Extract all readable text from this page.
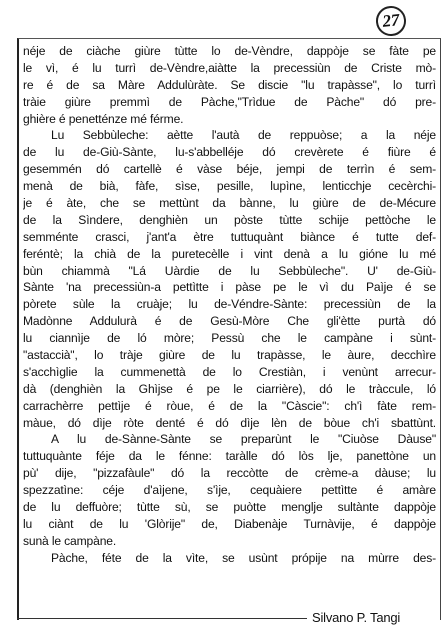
27
néje de ciàche giùre tùtte lo de-Vèndre, dappòje se fàte pe
le vì, é lu turrì de-Vèndre,aiàtte la precessiùn de Criste mò-
re é de sa Màre Addulùràte. Se discie "lu trapàsse", lo turrì
tràie giùre premmì de Pàche,"Trìdue de Pàche" dó pre-
ghière é penetténze mé férme.
Lu Sebbùleche: aètte l'autà de reppuòse; a la néje
de lu de-Giù-Sànte, lu-s'abbelléje dó crevèrete é fiùre é
gesemmén dó cartellè é vàse béje, jempi de terrìn é sem-
menà de bià, fàfe, sìse, pesille, lupìne, lenticchje cecèrchi-
je é àte, che se mettùnt da bànne, lu giùre de de-Mécure
de la Sìndere, denghièn un pòste tùtte schije pettòche le
semménte crasci, j'ant'a ètre tuttuquànt biànce é tutte def-
feréntè; la chià de la puretecèlle i vint denà a lu gióne lu mé
bùn chiammà "Lá Uàrdie de lu Sebbùleche". U' de-Giù-
Sànte 'na precessiùn-a pettìtte i pàse pe le vì du Paìje é se
pòrete sùle la cruàje; lu de-Véndre-Sànte: precessiùn de la
Madònne Addulurà é de Gesù-Mòre Che gli'ètte purtà dó
lu ciannìje de ló mòre; Pessù che le campàne i sùnt-
"astaccià", lo tràje giùre de lu trapàsse, le àure, decchìre
s'acchìglie la cummenettà de lo Crestiàn, i venùnt arrecur-
dà (denghièn la Ghìjse é pe le ciarrière), dó le tràccule, ló
carrachèrre pettìje é ròue, é de la "Càscie": ch'ì fàte rem-
màue, dó dìje ròte denté é dó dìje lèn de bòue ch'i sbattùnt.
A lu de-Sànne-Sànte se preparùnt le "Ciuòse Dàuse"
tuttuquànte féje da le fénne: taràlle dó lòs lje, panettòne un
pù' dije, "pizzafàule" dó la reccòtte de crème-a dàuse; lu
spezzatìne: céje d'aìjene, s'ìje, cequàiere pettìtte é amàre
de lu deffuòre; tùtte sù, se puòtte menglje sultànte dappòje
lu ciànt de lu 'Glòrije" de, Diabenàje Turnàvije, é dappòje
sunà le campàne.
Pàche, féte de la vìte, se usùnt própije na mùrre des-
Silvano P. Tangi
